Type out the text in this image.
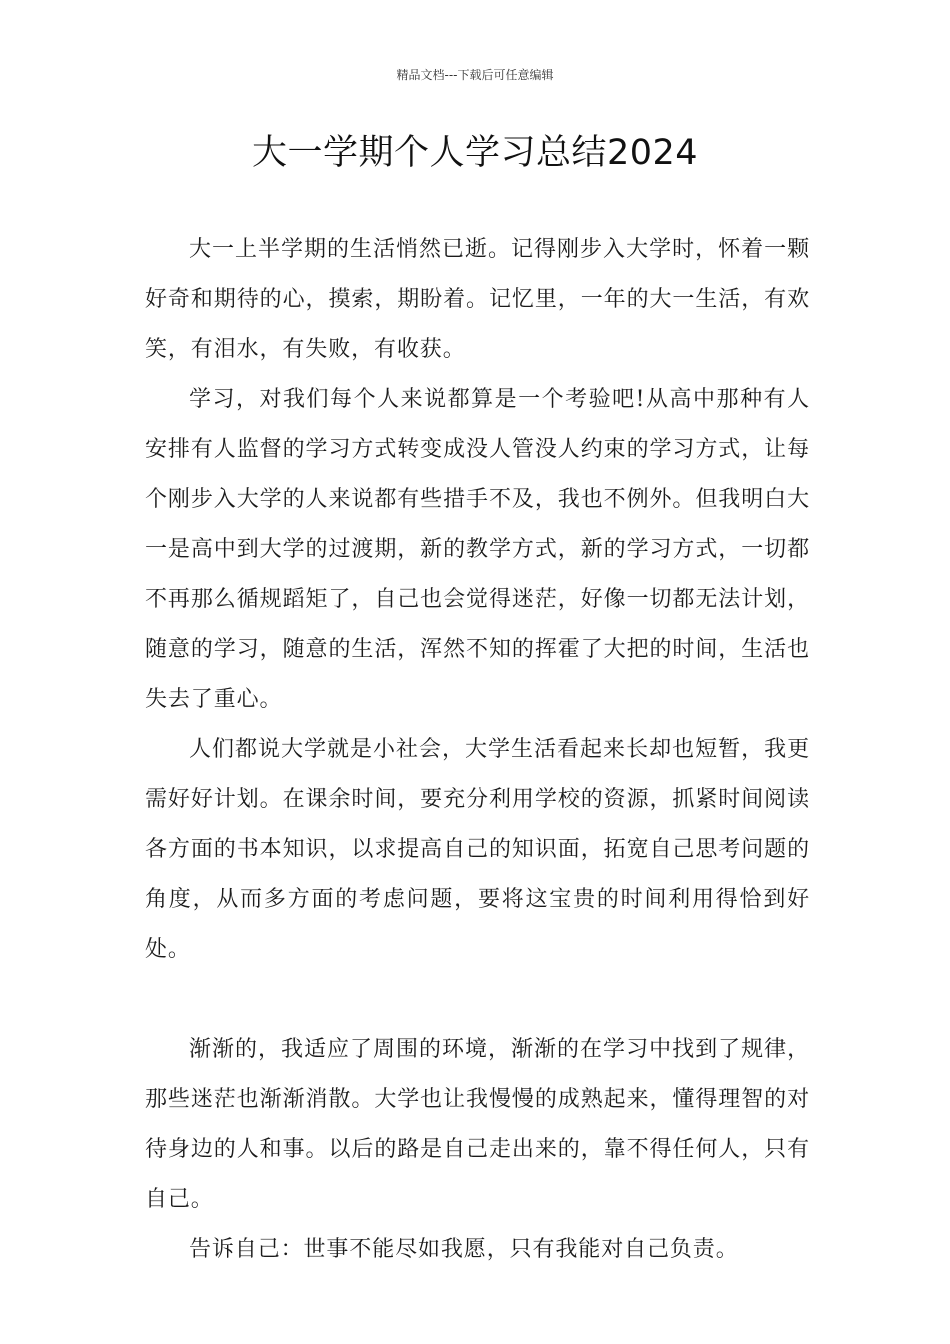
精品文档---下载后可任意编辑
大一学期个人学习总结2024

大一上半学期的生活悄然已逝。记得刚步入大学时，怀着一颗好奇和期待的心，摸索，期盼着。记忆里，一年的大一生活，有欢笑，有泪水，有失败，有收获。

学习，对我们每个人来说都算是一个考验吧!从高中那种有人安排有人监督的学习方式转变成没人管没人约束的学习方式，让每个刚步入大学的人来说都有些措手不及，我也不例外。但我明白大一是高中到大学的过渡期，新的教学方式，新的学习方式，一切都不再那么循规蹈矩了，自己也会觉得迷茫，好像一切都无法计划，随意的学习，随意的生活，浑然不知的挥霍了大把的时间，生活也失去了重心。

人们都说大学就是小社会，大学生活看起来长却也短暂，我更需好好计划。在课余时间，要充分利用学校的资源，抓紧时间阅读各方面的书本知识，以求提高自己的知识面，拓宽自己思考问题的角度，从而多方面的考虑问题，要将这宝贵的时间利用得恰到好处。

渐渐的，我适应了周围的环境，渐渐的在学习中找到了规律，那些迷茫也渐渐消散。大学也让我慢慢的成熟起来，懂得理智的对待身边的人和事。以后的路是自己走出来的，靠不得任何人，只有自己。

告诉自己：世事不能尽如我愿，只有我能对自己负责。
